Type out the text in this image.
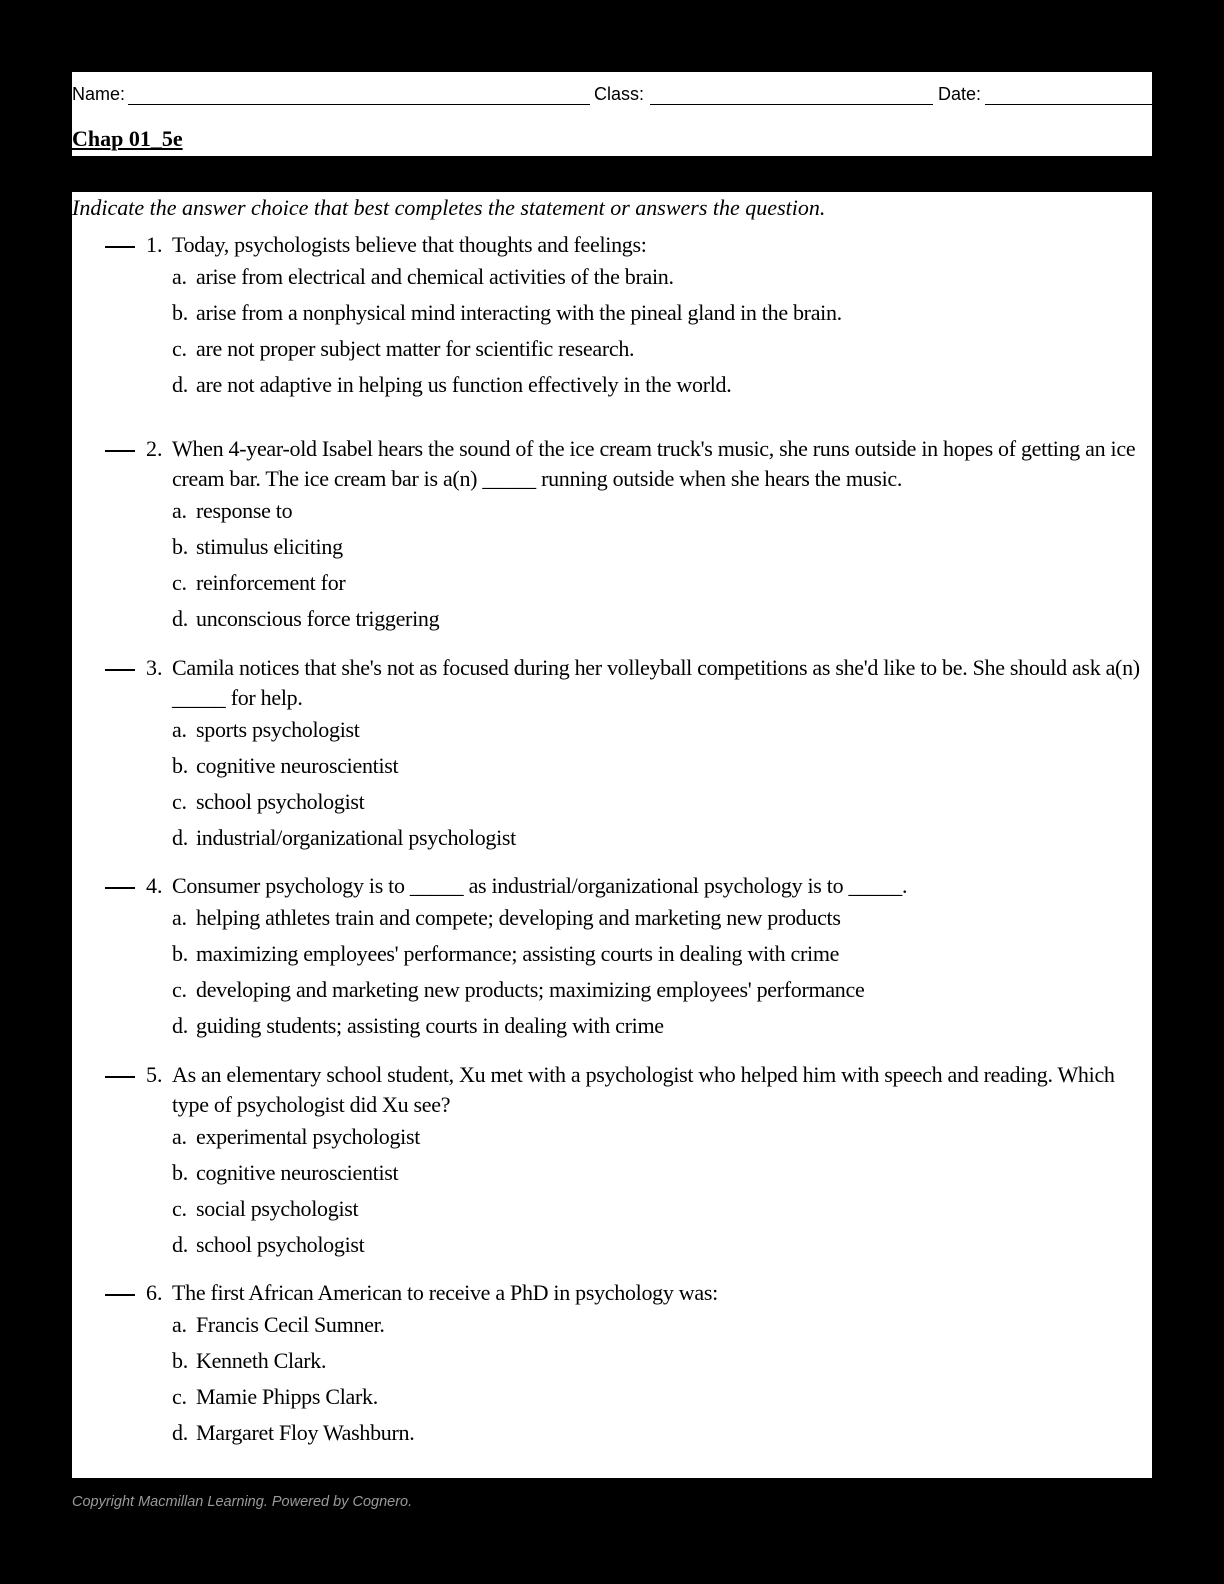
Name:	Class:	Date:
Chap 01_5e
Indicate the answer choice that best completes the statement or answers the question.
1. Today, psychologists believe that thoughts and feelings:
a. arise from electrical and chemical activities of the brain.
b. arise from a nonphysical mind interacting with the pineal gland in the brain.
c. are not proper subject matter for scientific research.
d. are not adaptive in helping us function effectively in the world.
2. When 4-year-old Isabel hears the sound of the ice cream truck's music, she runs outside in hopes of getting an ice cream bar. The ice cream bar is a(n) _____ running outside when she hears the music.
a. response to
b. stimulus eliciting
c. reinforcement for
d. unconscious force triggering
3. Camila notices that she's not as focused during her volleyball competitions as she'd like to be. She should ask a(n) _____ for help.
a. sports psychologist
b. cognitive neuroscientist
c. school psychologist
d. industrial/organizational psychologist
4. Consumer psychology is to _____ as industrial/organizational psychology is to _____.
a. helping athletes train and compete; developing and marketing new products
b. maximizing employees' performance; assisting courts in dealing with crime
c. developing and marketing new products; maximizing employees' performance
d. guiding students; assisting courts in dealing with crime
5. As an elementary school student, Xu met with a psychologist who helped him with speech and reading. Which type of psychologist did Xu see?
a. experimental psychologist
b. cognitive neuroscientist
c. social psychologist
d. school psychologist
6. The first African American to receive a PhD in psychology was:
a. Francis Cecil Sumner.
b. Kenneth Clark.
c. Mamie Phipps Clark.
d. Margaret Floy Washburn.
Copyright Macmillan Learning. Powered by Cognero.
